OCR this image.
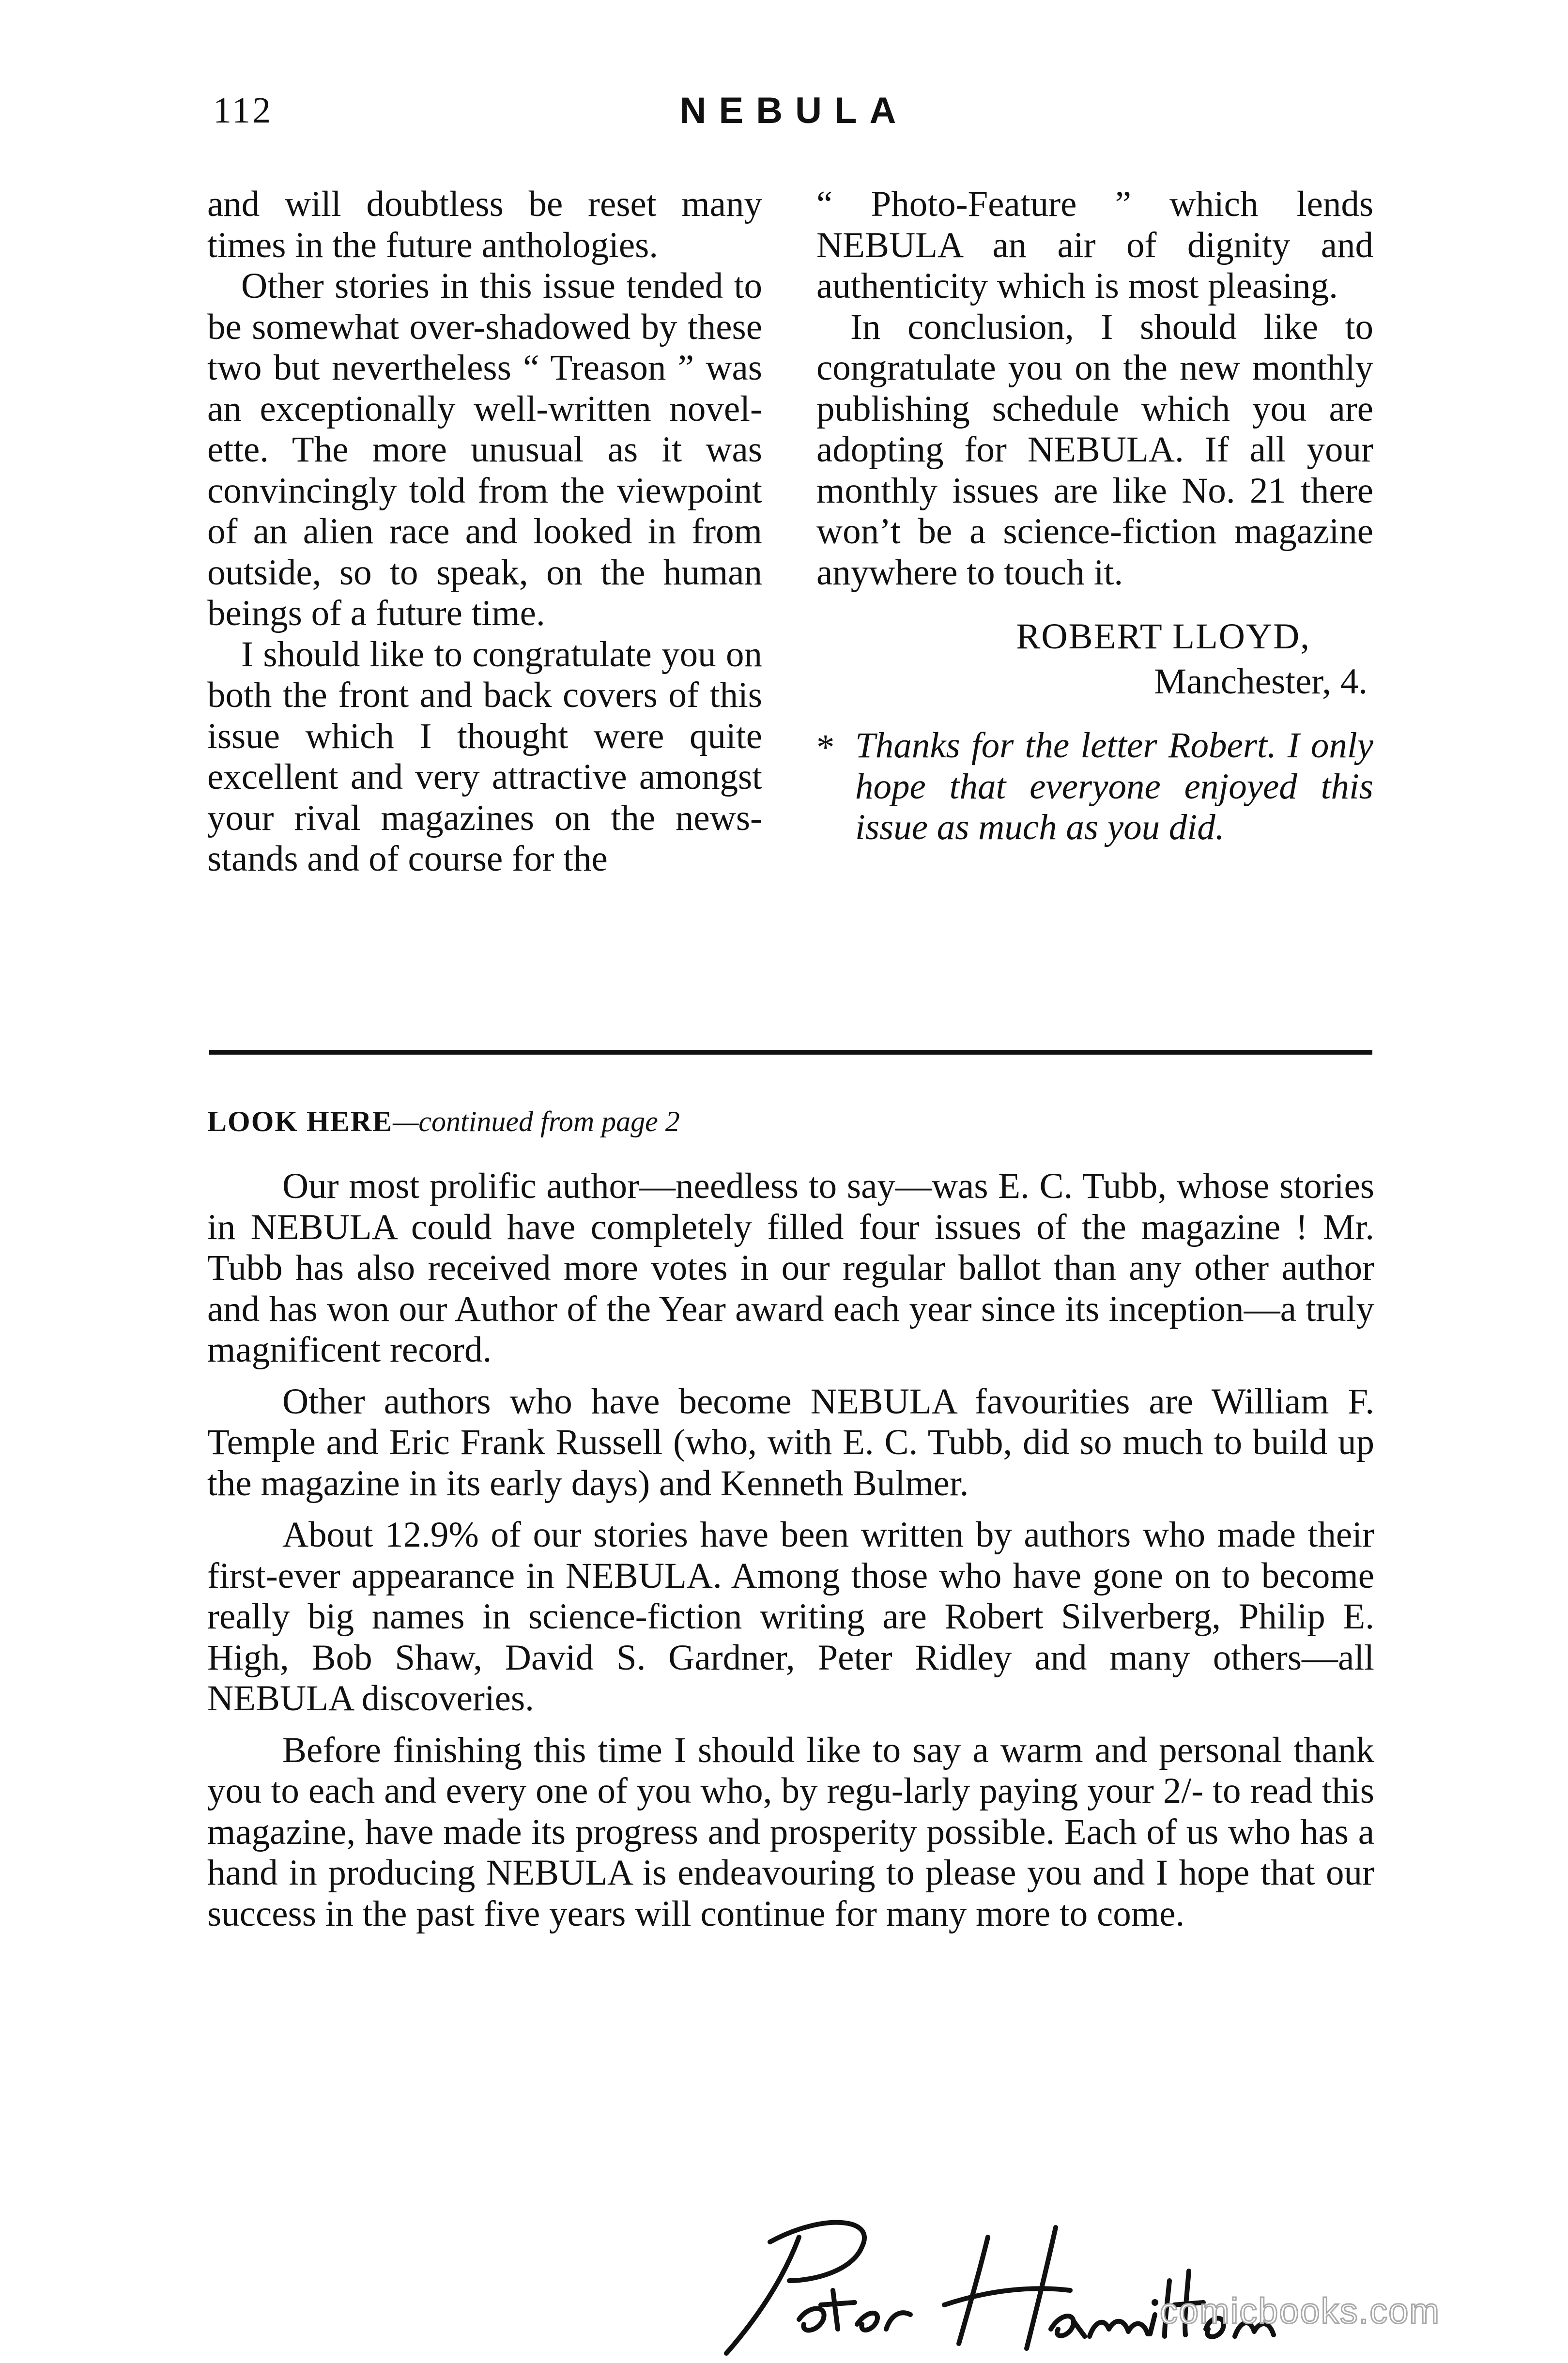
112	NEBULA

and will doubtless be reset many times in the future anthologies.

Other stories in this issue tended to be somewhat over-shadowed by these two but nevertheless “ Treason ” was an exceptionally well-written novel-ette. The more unusual as it was convincingly told from the viewpoint of an alien race and looked in from outside, so to speak, on the human beings of a future time.

I should like to congratulate you on both the front and back covers of this issue which I thought were quite excellent and very attractive amongst your rival magazines on the news-stands and of course for the

“ Photo-Feature ” which lends NEBULA an air of dignity and authenticity which is most pleasing.

In conclusion, I should like to congratulate you on the new monthly publishing schedule which you are adopting for NEBULA. If all your monthly issues are like No. 21 there won’t be a science-fiction magazine anywhere to touch it.

ROBERT LLOYD,
Manchester, 4.
* Thanks for the letter Robert. I only hope that everyone enjoyed this issue as much as you did.
LOOK HERE—continued from page 2

Our most prolific author—needless to say—was E. C. Tubb, whose stories in NEBULA could have completely filled four issues of the magazine ! Mr. Tubb has also received more votes in our regular ballot than any other author and has won our Author of the Year award each year since its inception—a truly magnificent record.

Other authors who have become NEBULA favourities are William F. Temple and Eric Frank Russell (who, with E. C. Tubb, did so much to build up the magazine in its early days) and Kenneth Bulmer.

About 12.9% of our stories have been written by authors who made their first-ever appearance in NEBULA. Among those who have gone on to become really big names in science-fiction writing are Robert Silverberg, Philip E. High, Bob Shaw, David S. Gardner, Peter Ridley and many others—all NEBULA discoveries.

Before finishing this time I should like to say a warm and personal thank you to each and every one of you who, by regu-larly paying your 2/- to read this magazine, have made its progress and prosperity possible. Each of us who has a hand in producing NEBULA is endeavouring to please you and I hope that our success in the past five years will continue for many more to come.

comicbooks.com
